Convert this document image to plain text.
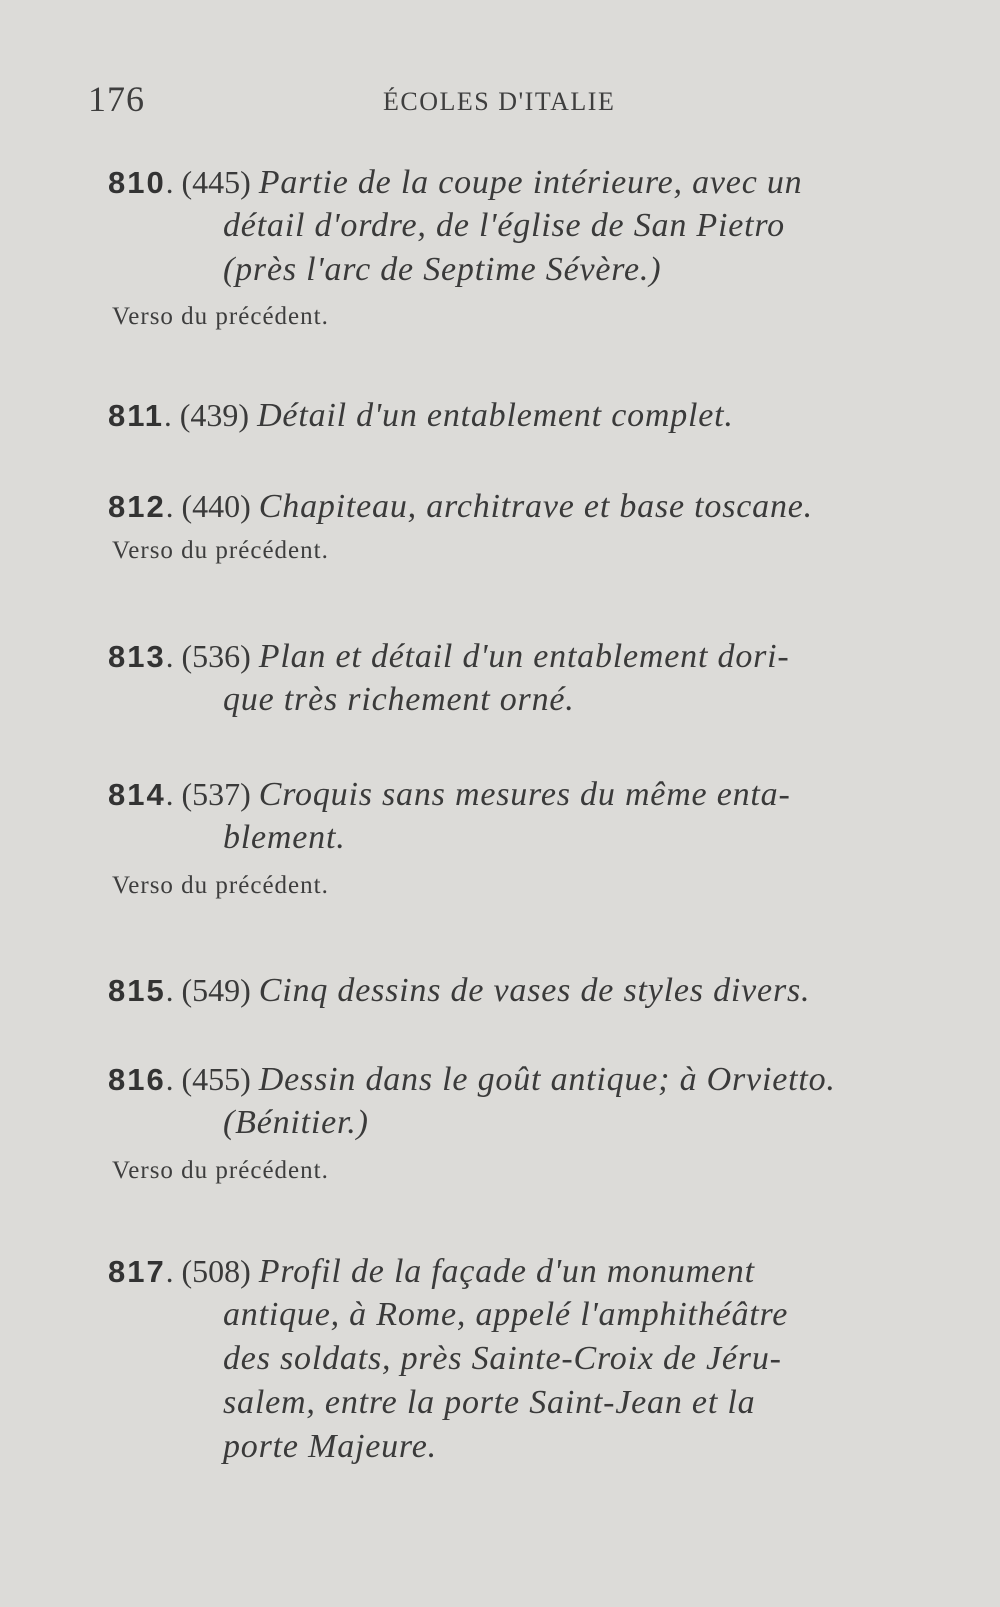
176	ÉCOLES D'ITALIE
810. (445) Partie de la coupe intérieure, avec un
détail d'ordre, de l'église de San Pietro
(près l'arc de Septime Sévère.)
Verso du précédent.
811. (439) Détail d'un entablement complet.
812. (440) Chapiteau, architrave et base toscane.
Verso du précédent.
813. (536) Plan et détail d'un entablement dori-
que très richement orné.
814. (537) Croquis sans mesures du même enta-
blement.
Verso du précédent.
815. (549) Cinq dessins de vases de styles divers.
816. (455) Dessin dans le goût antique; à Orvietto.
(Bénitier.)
Verso du précédent.
817. (508) Profil de la façade d'un monument
antique, à Rome, appelé l'amphithéâtre
des soldats, près Sainte-Croix de Jéru-
salem, entre la porte Saint-Jean et la
porte Majeure.
